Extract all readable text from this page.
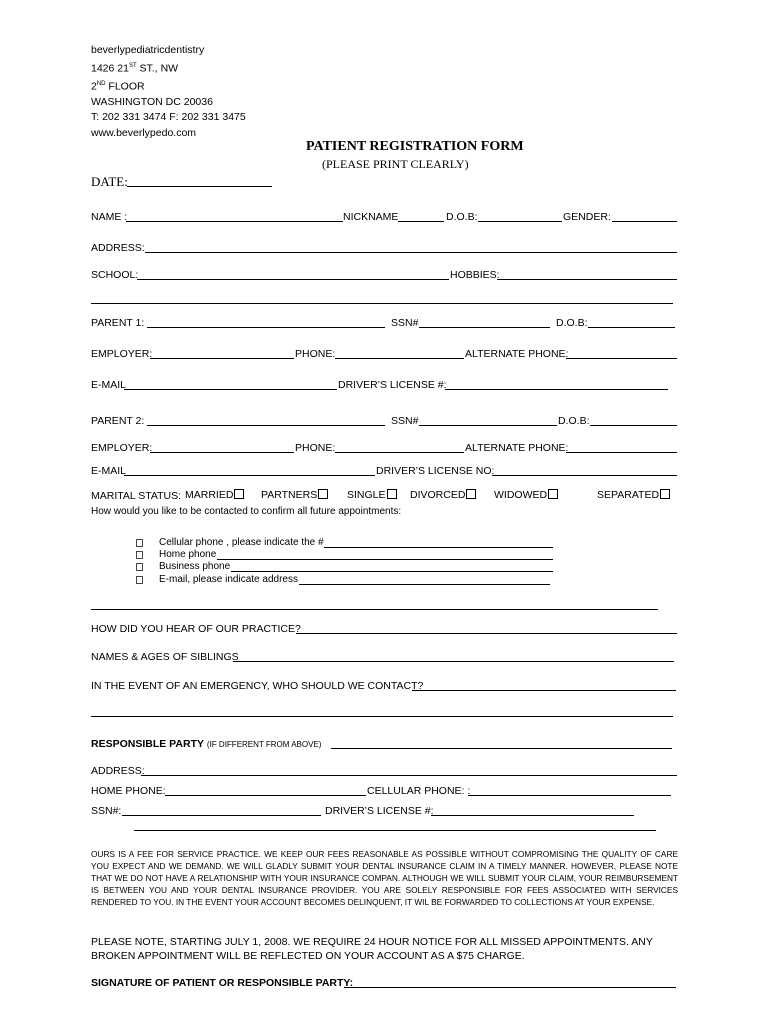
beverlypediatricdentistry
1426 21ST ST., NW
2ND FLOOR
WASHINGTON DC 20036
T: 202 331 3474 F: 202 331 3475
www.beverlypedo.com
PATIENT REGISTRATION FORM
(PLEASE PRINT CLEARLY)
DATE:
NAME :	NICKNAME	D.O.B:	GENDER:
ADDRESS:
SCHOOL:	HOBBIES:
PARENT 1:	SSN#	D.O.B:
EMPLOYER:	PHONE:	ALTERNATE PHONE:
E-MAIL	DRIVER’S LICENSE #:
PARENT 2:	SSN#	D.O.B:
EMPLOYER:	PHONE:	ALTERNATE PHONE:
E-MAIL	DRIVER’S LICENSE NO:
MARITAL STATUS: MARRIED	PARTNERS	SINGLE	DIVORCED	WIDOWED	SEPARATED
How would you like to be contacted to confirm all future appointments:
Cellular phone , please indicate the #
Home phone
Business phone
E-mail, please indicate address
HOW DID YOU HEAR OF OUR PRACTICE?
NAMES & AGES OF SIBLINGS
IN THE EVENT OF AN EMERGENCY, WHO SHOULD WE CONTACT?
RESPONSIBLE PARTY (IF DIFFERENT FROM ABOVE)
ADDRESS:
HOME PHONE:	CELLULAR PHONE: :
SSN#:	DRIVER’S LICENSE #:
OURS IS A FEE FOR SERVICE PRACTICE. WE KEEP OUR FEES REASONABLE AS POSSIBLE WITHOUT COMPROMISING THE QUALITY OF CARE YOU EXPECT AND WE DEMAND. WE WILL GLADLY SUBMIT YOUR DENTAL INSURANCE CLAIM IN A TIMELY MANNER. HOWEVER, PLEASE NOTE THAT WE DO NOT HAVE A RELATIONSHIP WITH YOUR INSURANCE COMPAN. ALTHOUGH WE WILL SUBMIT YOUR CLAIM, YOUR REIMBURSEMENT IS BETWEEN YOU AND YOUR DENTAL INSURANCE PROVIDER. YOU ARE SOLELY RESPONSIBLE FOR FEES ASSOCIATED WITH SERVICES RENDERED TO YOU. IN THE EVENT YOUR ACCOUNT BECOMES DELINQUENT, IT WIL BE FORWARDED TO COLLECTIONS AT YOUR EXPENSE.
PLEASE NOTE, STARTING JULY 1, 2008. WE REQUIRE 24 HOUR NOTICE FOR ALL MISSED APPOINTMENTS. ANY BROKEN APPOINTMENT WILL BE REFLECTED ON YOUR ACCOUNT AS A $75 CHARGE.
SIGNATURE OF PATIENT OR RESPONSIBLE PARTY:
